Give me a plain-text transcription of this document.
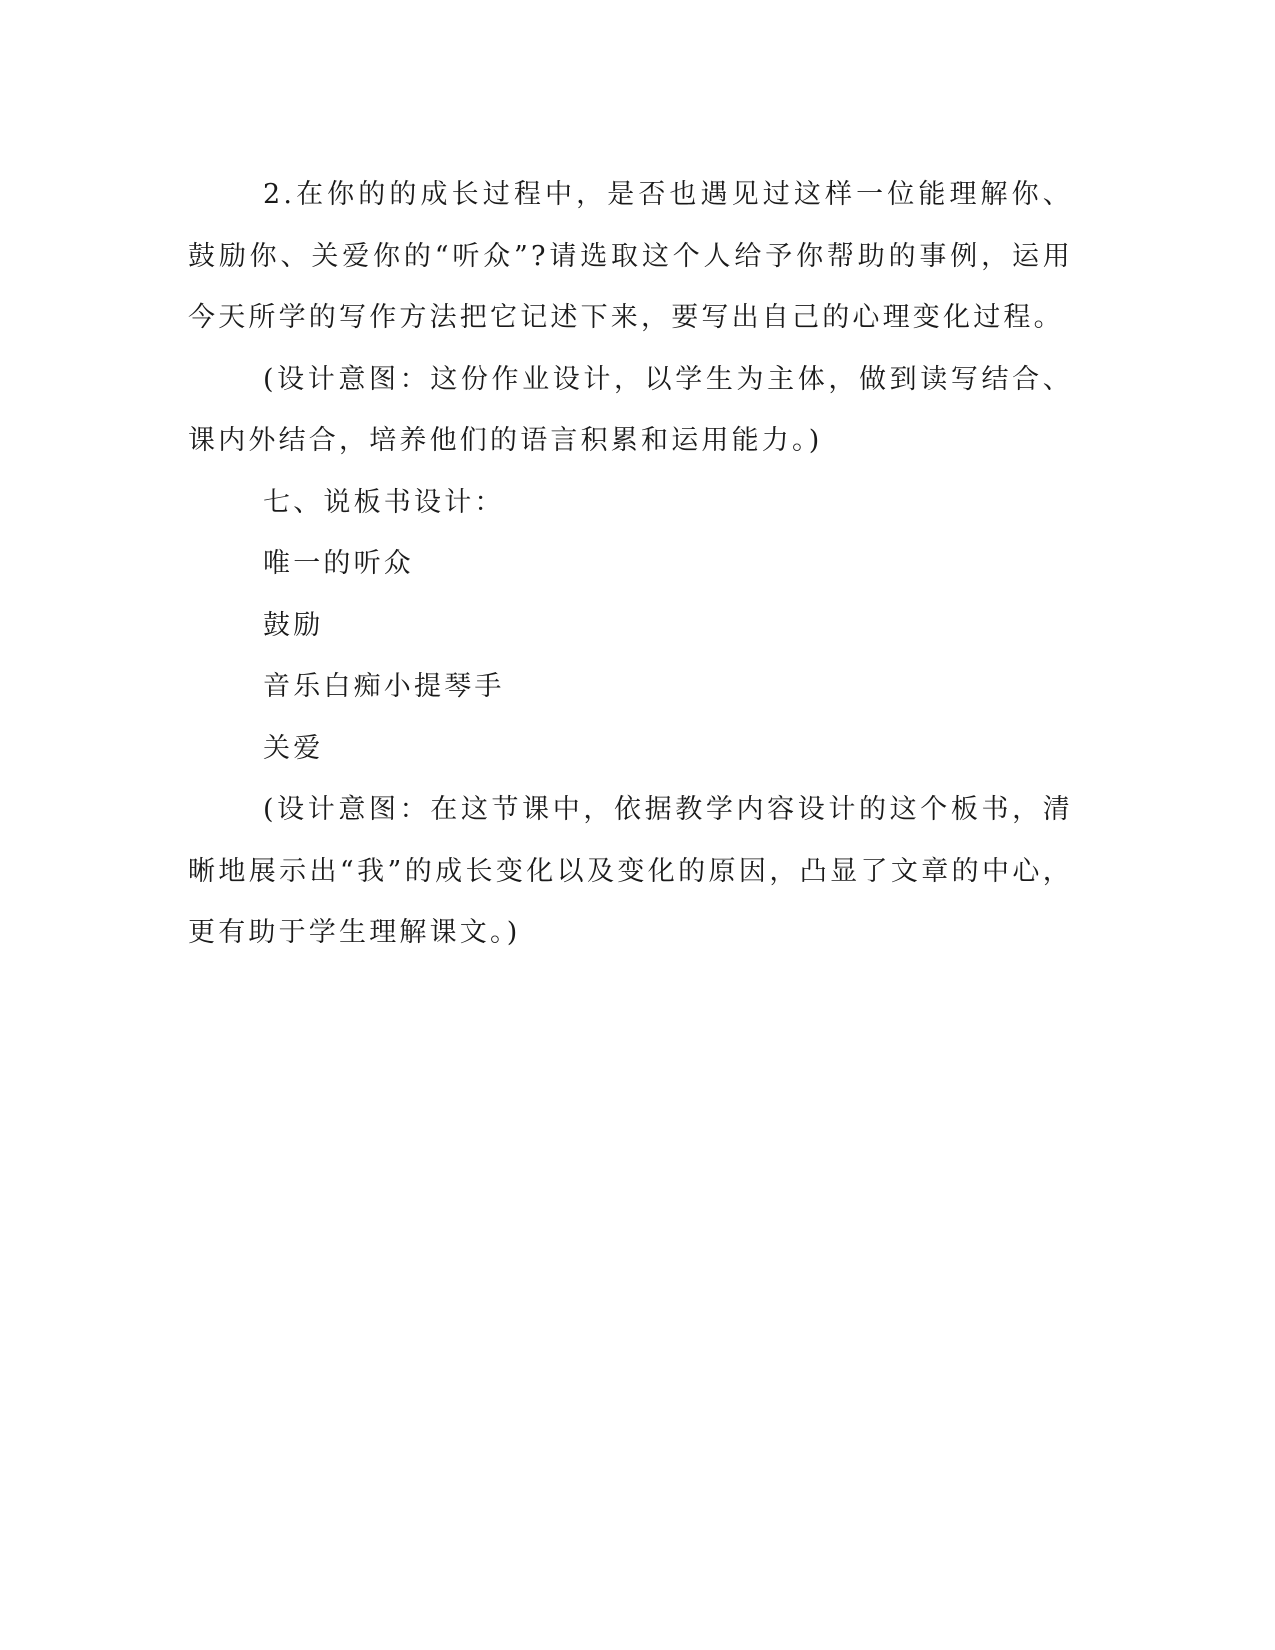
2.在你的的成长过程中，是否也遇见过这样一位能理解你、鼓励你、关爱你的“听众”?请选取这个人给予你帮助的事例，运用今天所学的写作方法把它记述下来，要写出自己的心理变化过程。

(设计意图：这份作业设计，以学生为主体，做到读写结合、课内外结合，培养他们的语言积累和运用能力。)

七、说板书设计：

唯一的听众

鼓励

音乐白痴小提琴手

关爱

(设计意图：在这节课中，依据教学内容设计的这个板书，清晰地展示出“我”的成长变化以及变化的原因，凸显了文章的中心，更有助于学生理解课文。)
